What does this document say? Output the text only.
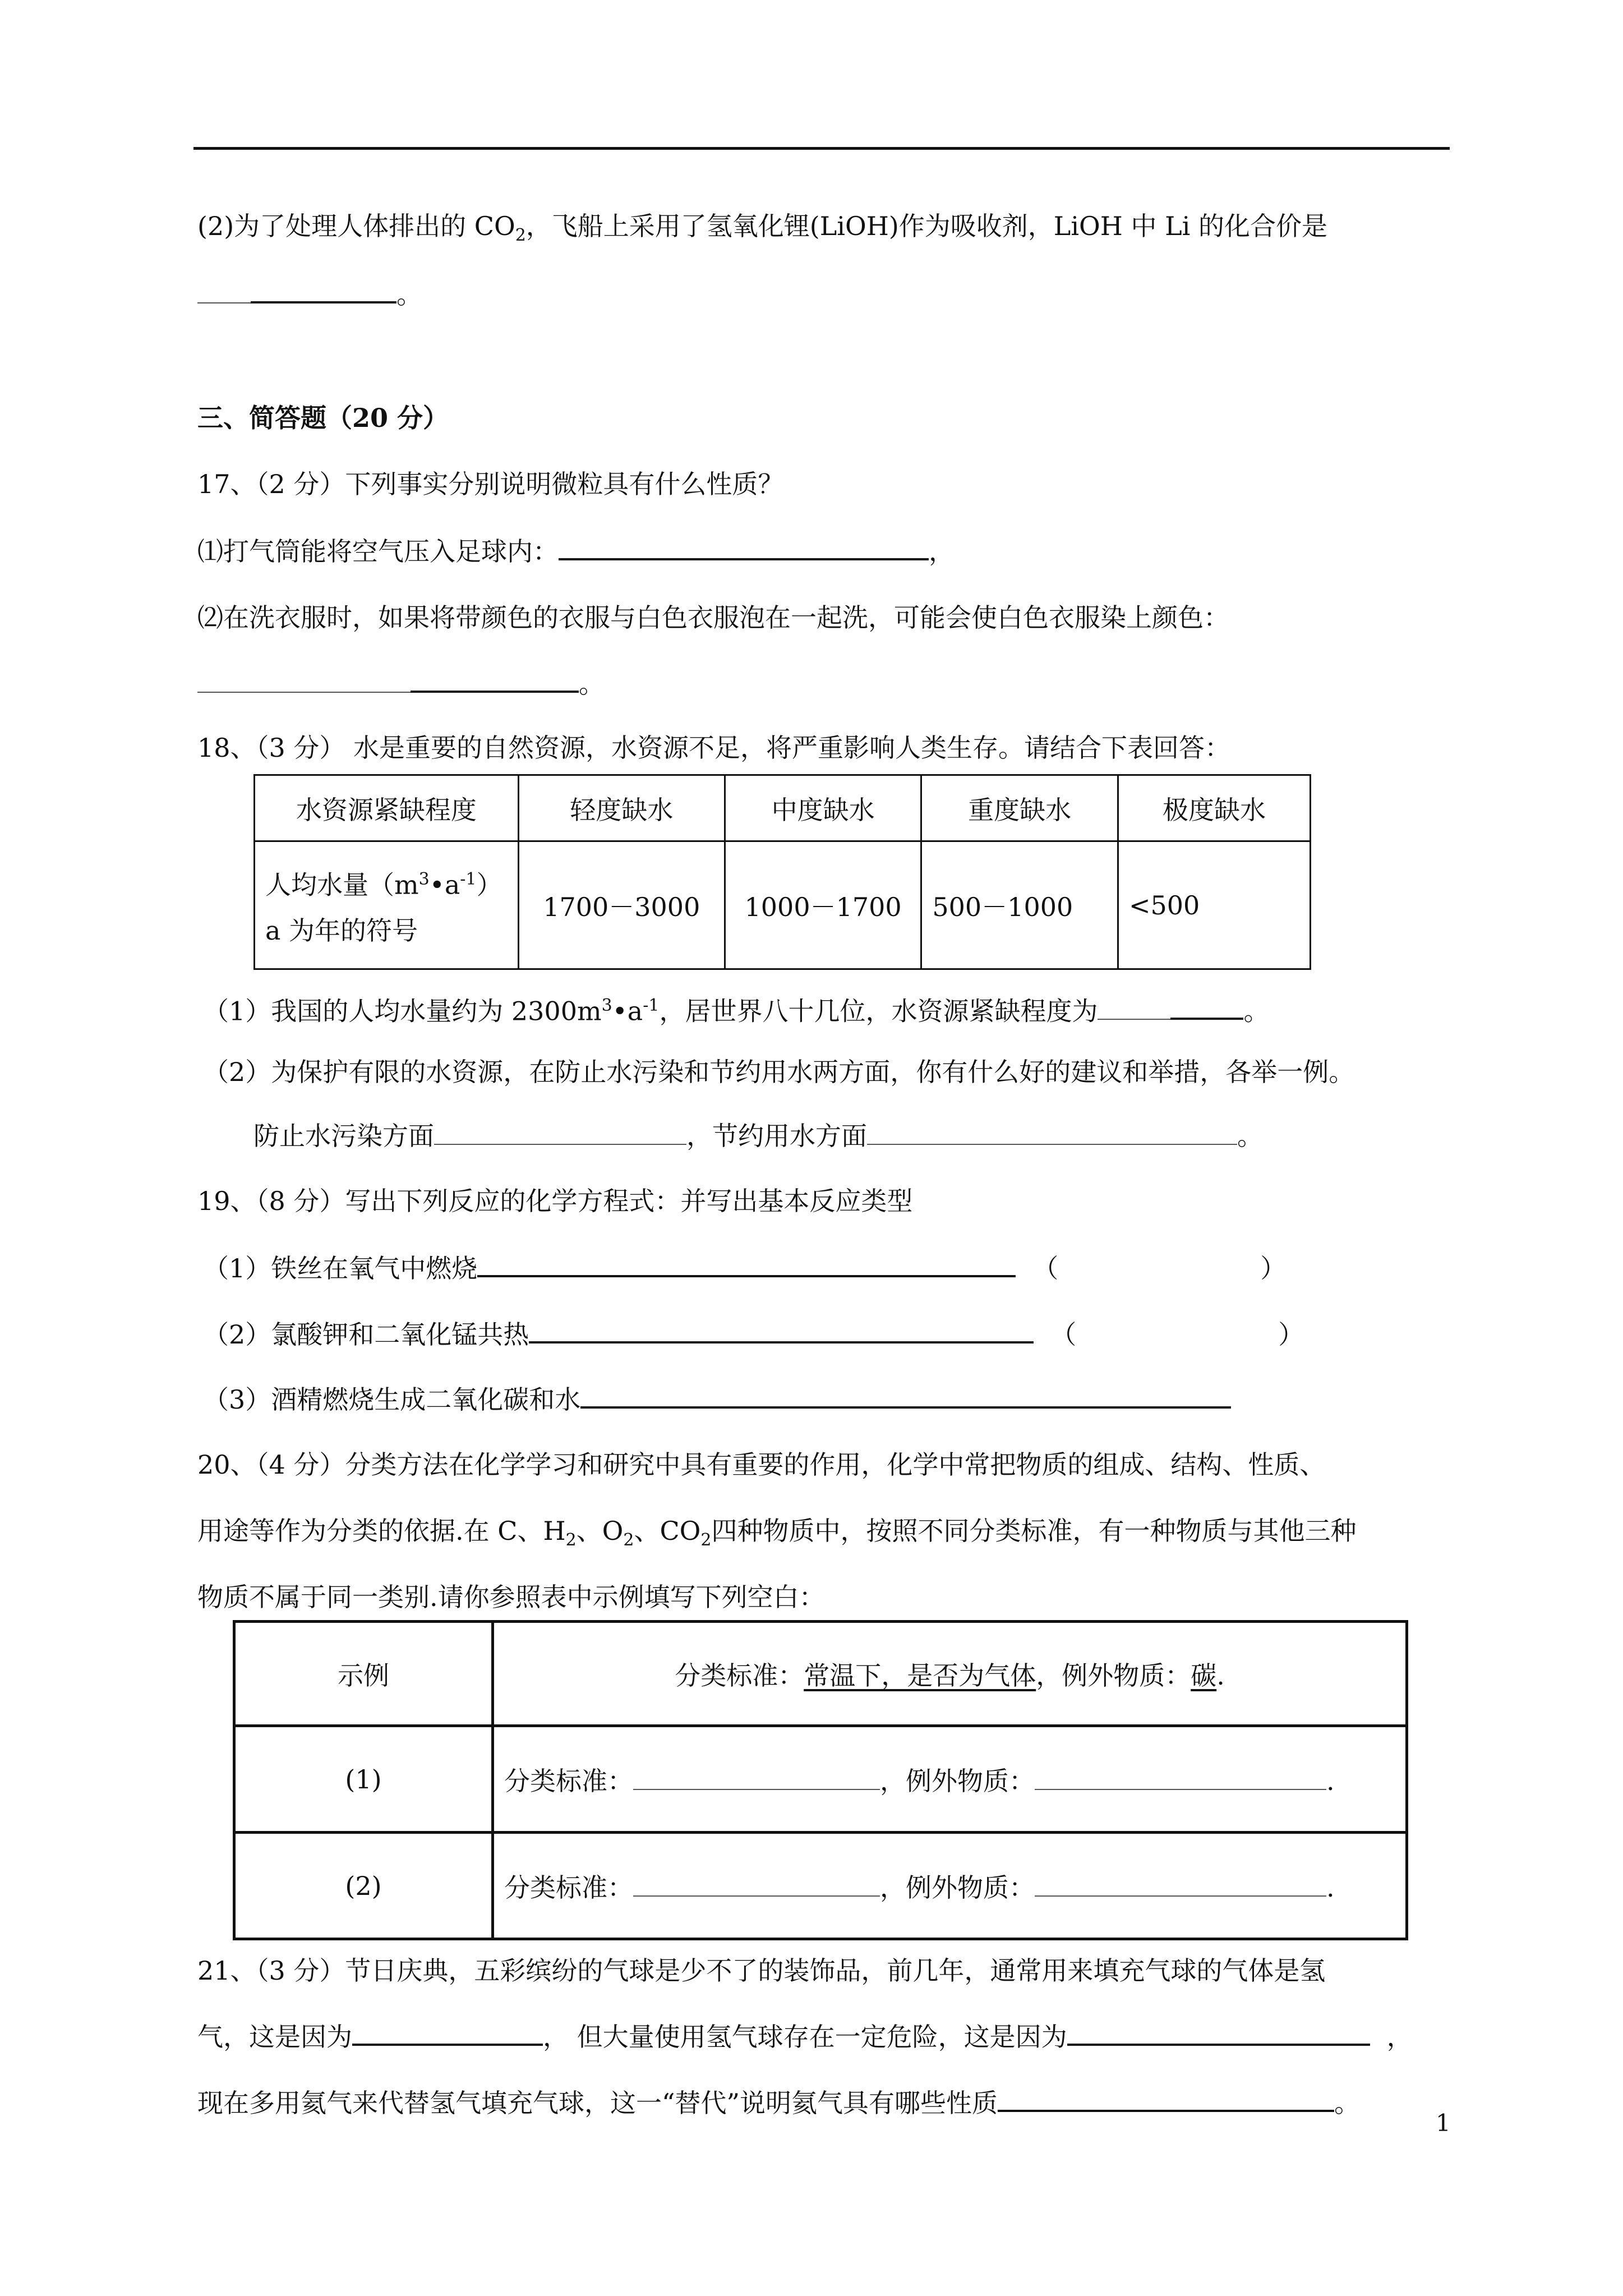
(2)为了处理人体排出的 $CO_2$，飞船上采用了氢氧化锂(LiOH)作为吸收剂，LiOH 中 Li 的化合价是
。
三、简答题（20 分）
17、（2 分）下列事实分别说明微粒具有什么性质？
⑴打气筒能将空气压入足球内：	，
⑵在洗衣服时，如果将带颜色的衣服与白色衣服泡在一起洗，可能会使白色衣服染上颜色：
。
18、（3 分） 水是重要的自然资源，水资源不足，将严重影响人类生存。请结合下表回答：
水资源紧缺程度	轻度缺水	中度缺水	重度缺水	极度缺水

人均水量$(m^3•a^{-1})$
a 为年的符号	1700－3000	1000－1700	500－1000	<500
（1）我国的人均水量约为 $2300m^3•a^{-1}$，居世界八十几位，水资源紧缺程度为	。
（2）为保护有限的水资源，在防止水污染和节约用水两方面，你有什么好的建议和举措，各举一例。
防止水污染方面	，节约用水方面	。
19、（8 分）写出下列反应的化学方程式：并写出基本反应类型
（1）铁丝在氧气中燃烧	（	）
（2）氯酸钾和二氧化锰共热	（	）
（3）酒精燃烧生成二氧化碳和水
20、（4 分）分类方法在化学学习和研究中具有重要的作用，化学中常把物质的组成、结构、性质、
用途等作为分类的依据.在 C、$H_2$、$O_2$、$CO_2$四种物质中，按照不同分类标准，有一种物质与其他三种
物质不属于同一类别.请你参照表中示例填写下列空白：
示例	分类标准：常温下，是否为气体，例外物质：碳.
(1)	分类标准： ，例外物质： .
(2)	分类标准： ，例外物质： .
21、（3 分）节日庆典，五彩缤纷的气球是少不了的装饰品，前几年，通常用来填充气球的气体是氢
气，这是因为	， 但大量使用氢气球存在一定危险，这是因为	，
现在多用氦气来代替氢气填充气球，这一“替代”说明氦气具有哪些性质	。
1
